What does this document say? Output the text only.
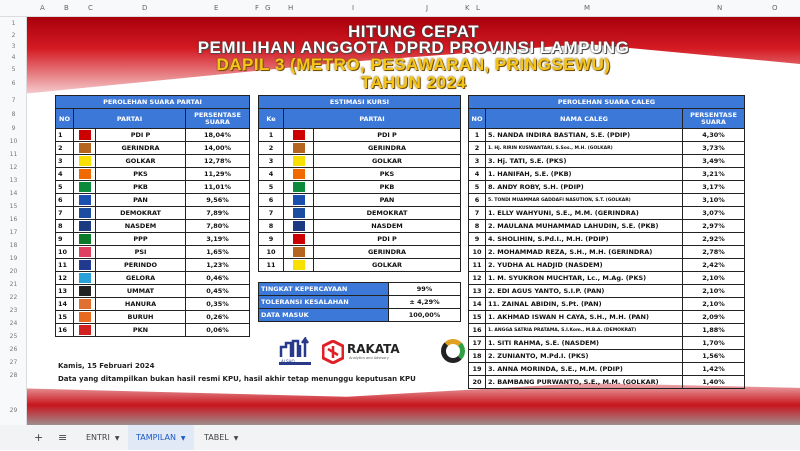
A	B	C	D	E	F G	H	I	J	K L	M	N	O
1
2
3
4
5
6
7
8
9
10
11
12
13
14
15
16
17
18
19
20
21
22
23
24
25
26
27
28
29
HITUNG CEPAT
PEMILIHAN ANGGOTA DPRD PROVINSI LAMPUNG
DAPIL 3 (METRO, PESAWARAN, PRINGSEWU)
TAHUN 2024
PEROLEHAN SUARA PARTAI			
NO	PARTAI		PERSENTASE SUARA
1		PDI P	18,04%
2		GERINDRA	14,00%
3		GOLKAR	12,78%
4		PKS	11,29%
5		PKB	11,01%
6		PAN	9,56%
7		DEMOKRAT	7,89%
8		NASDEM	7,80%
9		PPP	3,19%
10		PSI	1,65%
11		PERINDO	1,23%
12		GELORA	0,46%
13		UMMAT	0,45%
14		HANURA	0,35%
15		BURUH	0,26%
16		PKN	0,06%
ESTIMASI KURSI		
Ke	PARTAI	
1		PDI P
2		GERINDRA
3		GOLKAR
4		PKS
5		PKB
6		PAN
7		DEMOKRAT
8		NASDEM
9		PDI P
10		GERINDRA
11		GOLKAR
TINGKAT KEPERCAYAAN	99%
TOLERANSI KESALAHAN	± 4,29%
DATA MASUK	100,00%
PEROLEHAN SUARA CALEG		
NO	NAMA CALEG	PERSENTASE SUARA
1	5. NANDA INDIRA BASTIAN, S.E. (PDIP)	4,30%
2	1. Hj. RIRIN KUSWANTARI, S.Sos., M.H. (GOLKAR)	3,73%
3	3. Hj. TATI, S.E. (PKS)	3,49%
4	1. HANIFAH, S.E. (PKB)	3,21%
5	8. ANDY ROBY, S.H. (PDIP)	3,17%
6	5. TONDI MUAMMAR GADDAFI NASUTION, S.T. (GOLKAR)	3,10%
7	1. ELLY WAHYUNI, S.E., M.M. (GERINDRA)	3,07%
8	2. MAULANA MUHAMMAD LAHUDIN, S.E. (PKB)	2,97%
9	4. SHOLIHIN, S.Pd.I., M.H. (PDIP)	2,92%
10	2. MOHAMMAD REZA, S.H., M.H. (GERINDRA)	2,78%
11	2. YUDHA AL HADJID (NASDEM)	2,42%
12	1. M. SYUKRON MUCHTAR, Lc., M.Ag. (PKS)	2,10%
13	2. EDI AGUS YANTO, S.I.P. (PAN)	2,10%
14	11. ZAINAL ABIDIN, S.Pt. (PAN)	2,10%
15	1. AKHMAD ISWAN H CAYA, S.H., M.H. (PAN)	2,09%
16	1. ANGGA SATRIA PRATAMA, S.I.Kom., M.B.A. (DEMOKRAT)	1,88%
17	1. SITI RAHMA, S.E. (NASDEM)	1,70%
18	2. ZUNIANTO, M.Pd.I. (PKS)	1,56%
19	3. ANNA MORINDA, S.E., M.M. (PDIP)	1,42%
20	2. BAMBANG PURWANTO, S.E., M.M. (GOLKAR)	1,40%
ALSHO
RAKATA
Analytics and Advisory
Kamis, 15 Februari 2024
Data yang ditampilkan bukan hasil resmi KPU, hasil akhir tetap menunggu keputusan KPU
+	≡	ENTRI ▼	TAMPILAN ▼	TABEL ▼
